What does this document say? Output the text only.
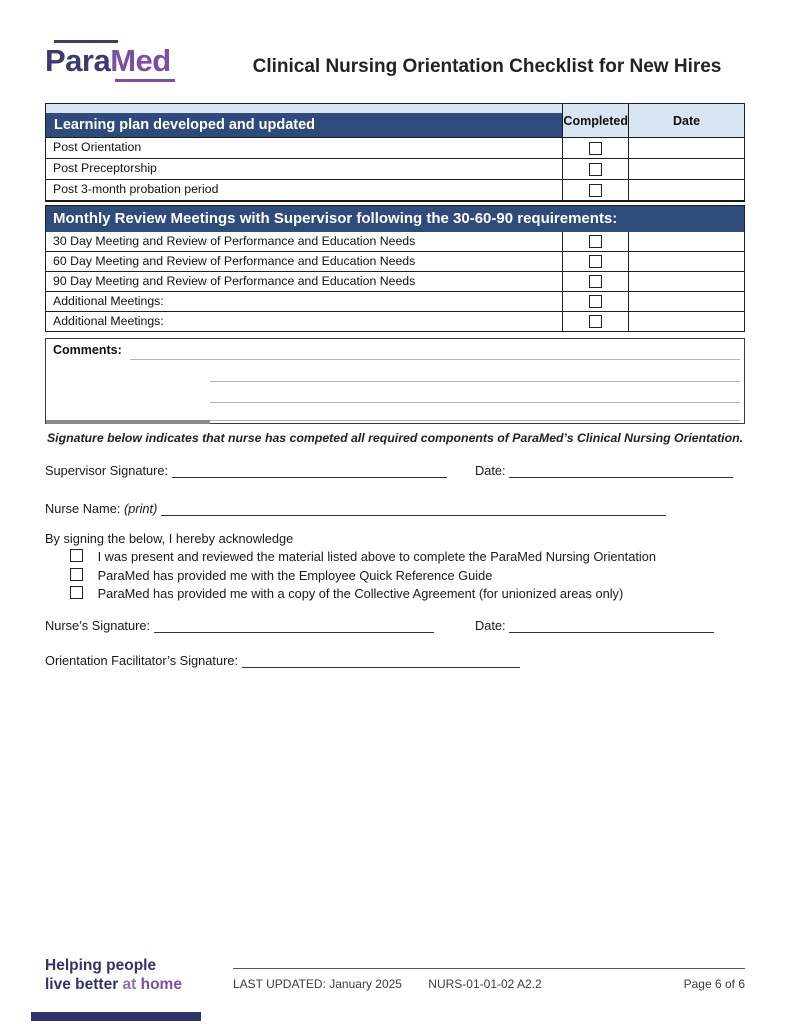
ParaMed	Clinical Nursing Orientation Checklist for New Hires
Learning plan developed and updated	Completed	Date
Post Orientation
Post Preceptorship
Post 3-month probation period
Monthly Review Meetings with Supervisor following the 30-60-90 requirements:
30 Day Meeting and Review of Performance and Education Needs
60 Day Meeting and Review of Performance and Education Needs
90 Day Meeting and Review of Performance and Education Needs
Additional Meetings:
Additional Meetings:
Comments:
Signature below indicates that nurse has competed all required components of ParaMed’s Clinical Nursing Orientation.
Supervisor Signature:	Date:
Nurse Name: (print)
By signing the below, I hereby acknowledge
I was present and reviewed the material listed above to complete the ParaMed Nursing Orientation
ParaMed has provided me with the Employee Quick Reference Guide
ParaMed has provided me with a copy of the Collective Agreement (for unionized areas only)
Nurse’s Signature:	Date:
Orientation Facilitator’s Signature:
LAST UPDATED: January 2025	NURS-01-01-02 A2.2	Page 6 of 6
Helping people
live better at home
